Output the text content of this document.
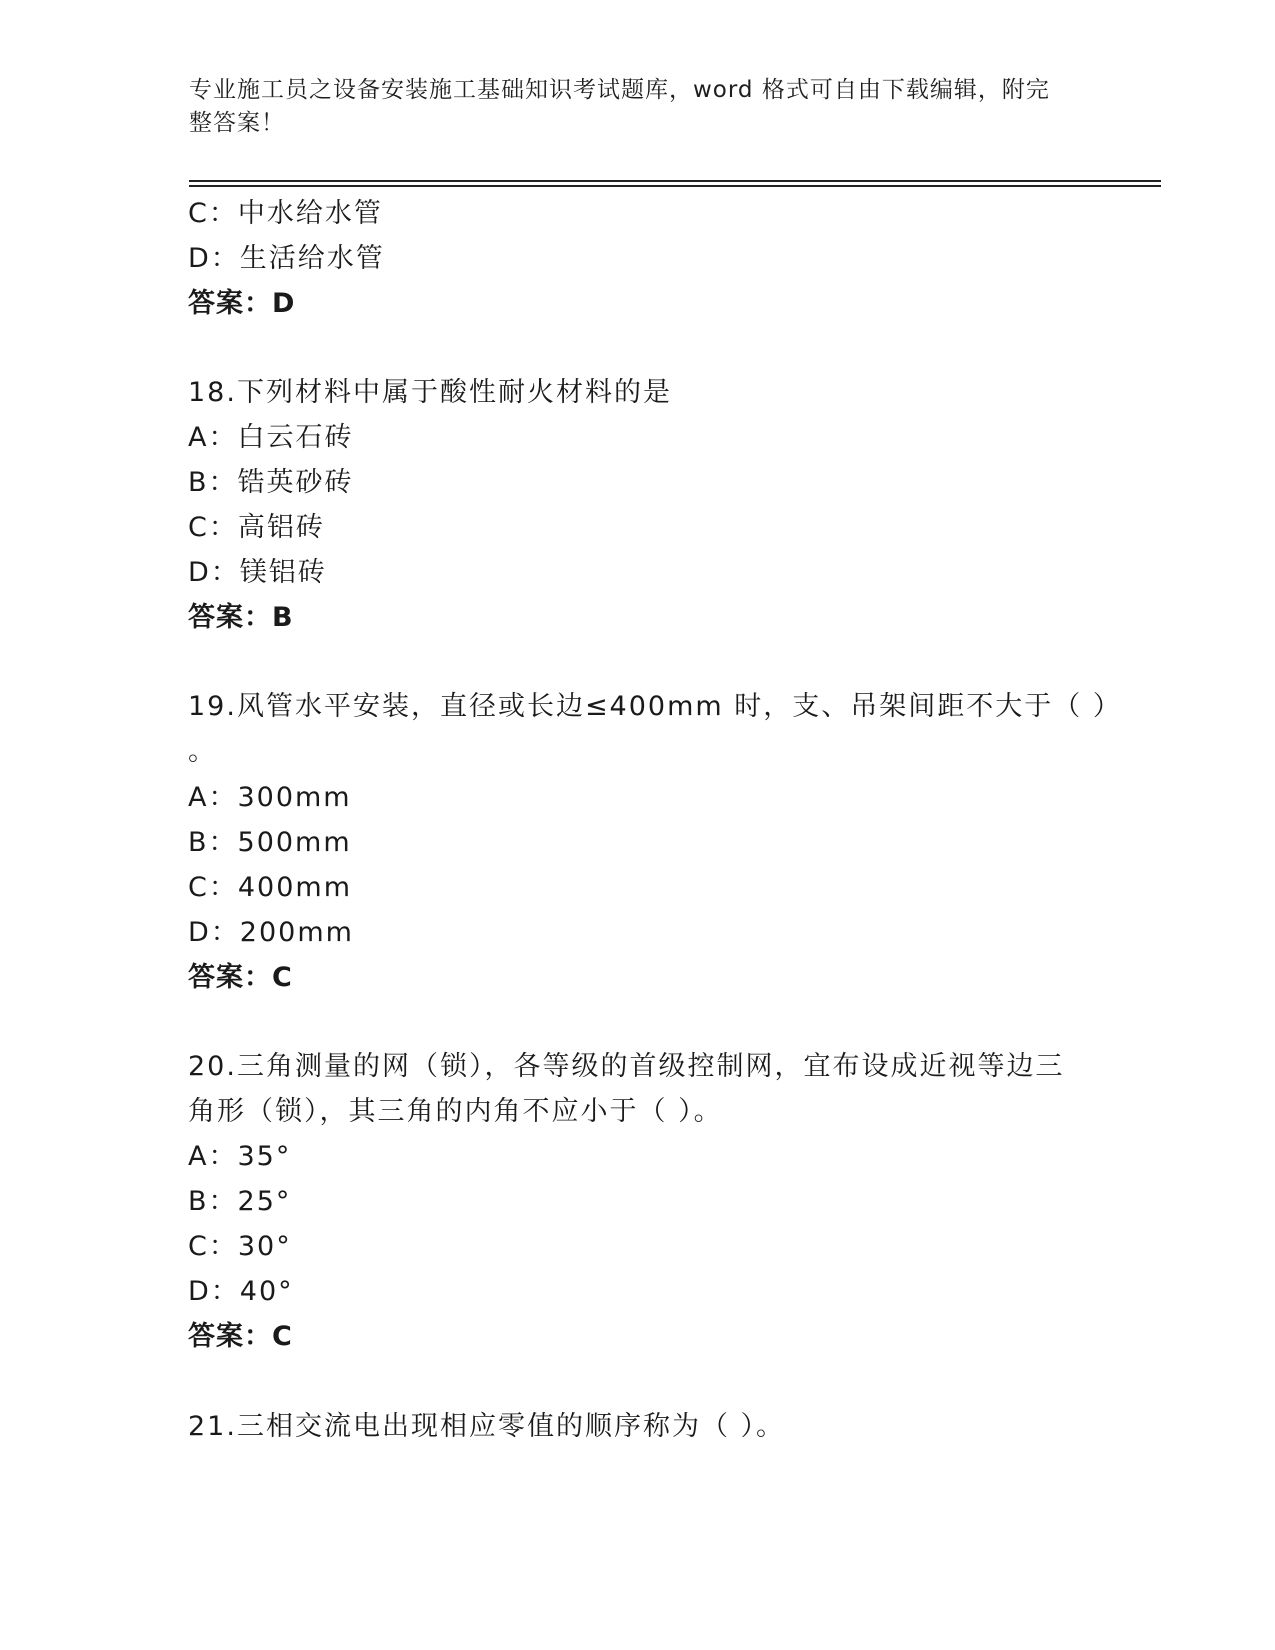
专业施工员之设备安装施工基础知识考试题库，word 格式可自由下载编辑，附完整答案！
C：中水给水管
D：生活给水管
答案：D
18.下列材料中属于酸性耐火材料的是
A：白云石砖
B：锆英砂砖
C：高铝砖
D：镁铝砖
答案：B
19.风管水平安装，直径或长边≤400mm 时，支、吊架间距不大于（ ）
。
A：300mm
B：500mm
C：400mm
D：200mm
答案：C
20.三角测量的网（锁），各等级的首级控制网，宜布设成近视等边三
角形（锁），其三角的内角不应小于（ ）。
A：35°
B：25°
C：30°
D：40°
答案：C
21.三相交流电出现相应零值的顺序称为（ ）。
